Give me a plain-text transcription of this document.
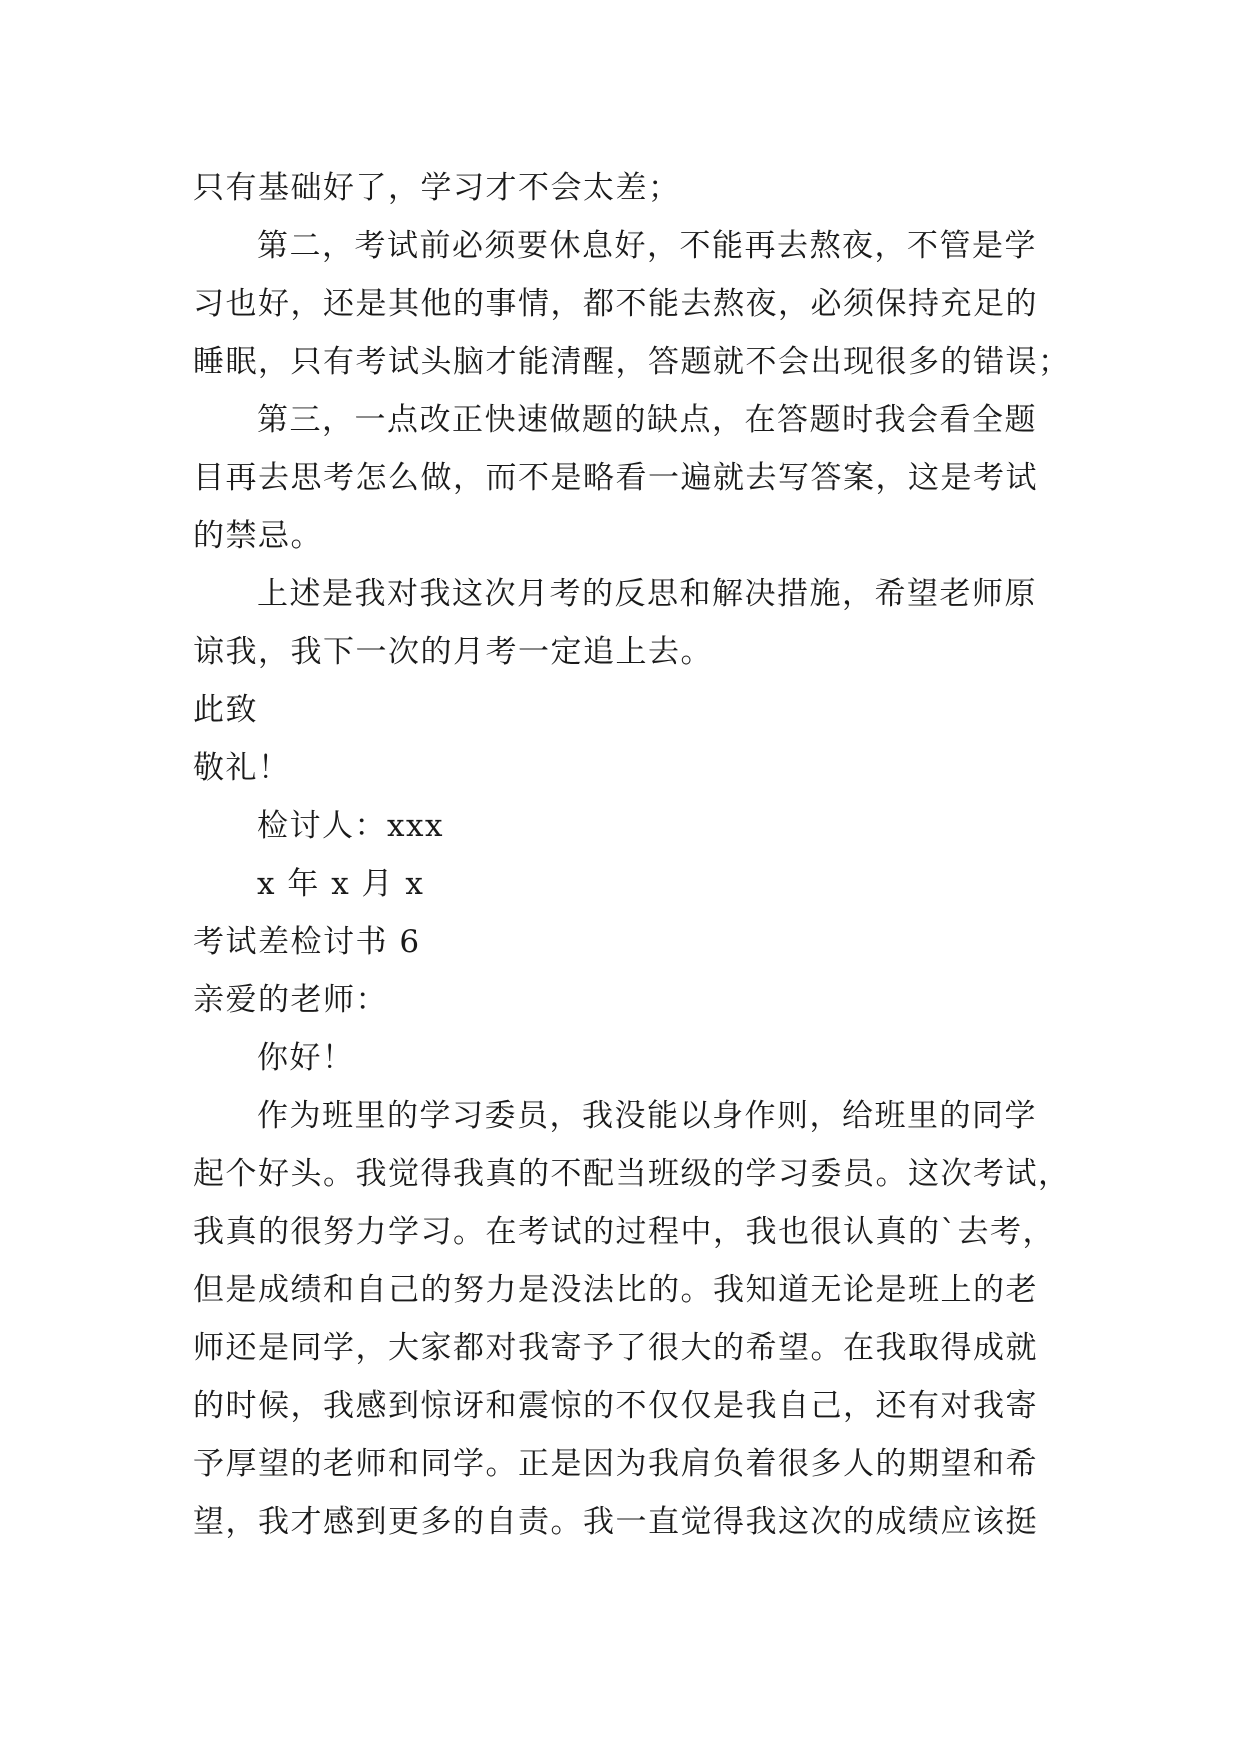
只有基础好了，学习才不会太差；
第二，考试前必须要休息好，不能再去熬夜，不管是学
习也好，还是其他的事情，都不能去熬夜，必须保持充足的
睡眠，只有考试头脑才能清醒，答题就不会出现很多的错误；
第三，一点改正快速做题的缺点，在答题时我会看全题
目再去思考怎么做，而不是略看一遍就去写答案，这是考试
的禁忌。
上述是我对我这次月考的反思和解决措施，希望老师原
谅我，我下一次的月考一定追上去。
此致
敬礼！
检讨人：xxx
x 年 x 月 x
考试差检讨书 6
亲爱的老师：
你好！
作为班里的学习委员，我没能以身作则，给班里的同学
起个好头。我觉得我真的不配当班级的学习委员。这次考试，
我真的很努力学习。在考试的过程中，我也很认真的`去考，
但是成绩和自己的努力是没法比的。我知道无论是班上的老
师还是同学，大家都对我寄予了很大的希望。在我取得成就
的时候，我感到惊讶和震惊的不仅仅是我自己，还有对我寄
予厚望的老师和同学。正是因为我肩负着很多人的期望和希
望，我才感到更多的自责。我一直觉得我这次的成绩应该挺
